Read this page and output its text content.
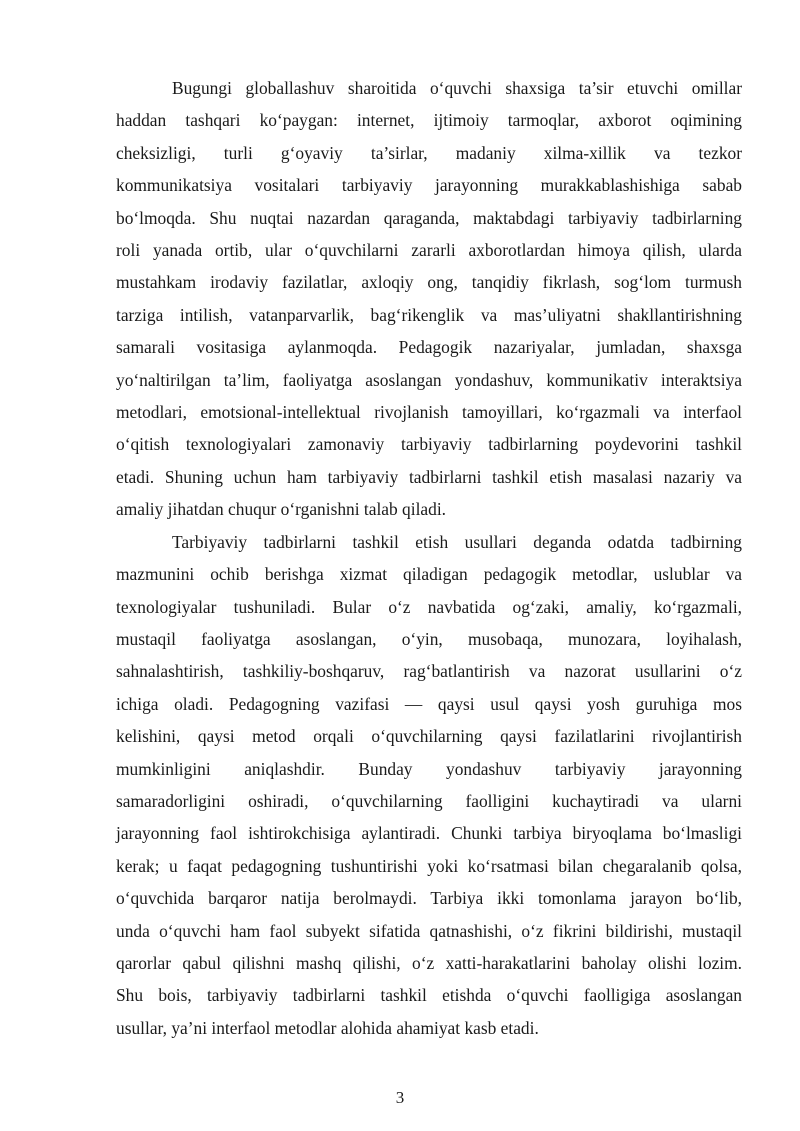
Bugungi globallashuv sharoitida o‘quvchi shaxsiga ta’sir etuvchi omillar
haddan tashqari ko‘paygan: internet, ijtimoiy tarmoqlar, axborot oqimining
cheksizligi, turli g‘oyaviy ta’sirlar, madaniy xilma-xillik va tezkor
kommunikatsiya vositalari tarbiyaviy jarayonning murakkablashishiga sabab
bo‘lmoqda. Shu nuqtai nazardan qaraganda, maktabdagi tarbiyaviy tadbirlarning
roli yanada ortib, ular o‘quvchilarni zararli axborotlardan himoya qilish, ularda
mustahkam irodaviy fazilatlar, axloqiy ong, tanqidiy fikrlash, sog‘lom turmush
tarziga intilish, vatanparvarlik, bag‘rikenglik va mas’uliyatni shakllantirishning
samarali vositasiga aylanmoqda. Pedagogik nazariyalar, jumladan, shaxsga
yo‘naltirilgan ta’lim, faoliyatga asoslangan yondashuv, kommunikativ interaktsiya
metodlari, emotsional-intellektual rivojlanish tamoyillari, ko‘rgazmali va interfaol
o‘qitish texnologiyalari zamonaviy tarbiyaviy tadbirlarning poydevorini tashkil
etadi. Shuning uchun ham tarbiyaviy tadbirlarni tashkil etish masalasi nazariy va
amaliy jihatdan chuqur o‘rganishni talab qiladi.
Tarbiyaviy tadbirlarni tashkil etish usullari deganda odatda tadbirning
mazmunini ochib berishga xizmat qiladigan pedagogik metodlar, uslublar va
texnologiyalar tushuniladi. Bular o‘z navbatida og‘zaki, amaliy, ko‘rgazmali,
mustaqil faoliyatga asoslangan, o‘yin, musobaqa, munozara, loyihalash,
sahnalashtirish, tashkiliy-boshqaruv, rag‘batlantirish va nazorat usullarini o‘z
ichiga oladi. Pedagogning vazifasi — qaysi usul qaysi yosh guruhiga mos
kelishini, qaysi metod orqali o‘quvchilarning qaysi fazilatlarini rivojlantirish
mumkinligini aniqlashdir. Bunday yondashuv tarbiyaviy jarayonning
samaradorligini oshiradi, o‘quvchilarning faolligini kuchaytiradi va ularni
jarayonning faol ishtirokchisiga aylantiradi. Chunki tarbiya biryoqlama bo‘lmasligi
kerak; u faqat pedagogning tushuntirishi yoki ko‘rsatmasi bilan chegaralanib qolsa,
o‘quvchida barqaror natija berolmaydi. Tarbiya ikki tomonlama jarayon bo‘lib,
unda o‘quvchi ham faol subyekt sifatida qatnashishi, o‘z fikrini bildirishi, mustaqil
qarorlar qabul qilishni mashq qilishi, o‘z xatti-harakatlarini baholay olishi lozim.
Shu bois, tarbiyaviy tadbirlarni tashkil etishda o‘quvchi faolligiga asoslangan
usullar, ya’ni interfaol metodlar alohida ahamiyat kasb etadi.
3
